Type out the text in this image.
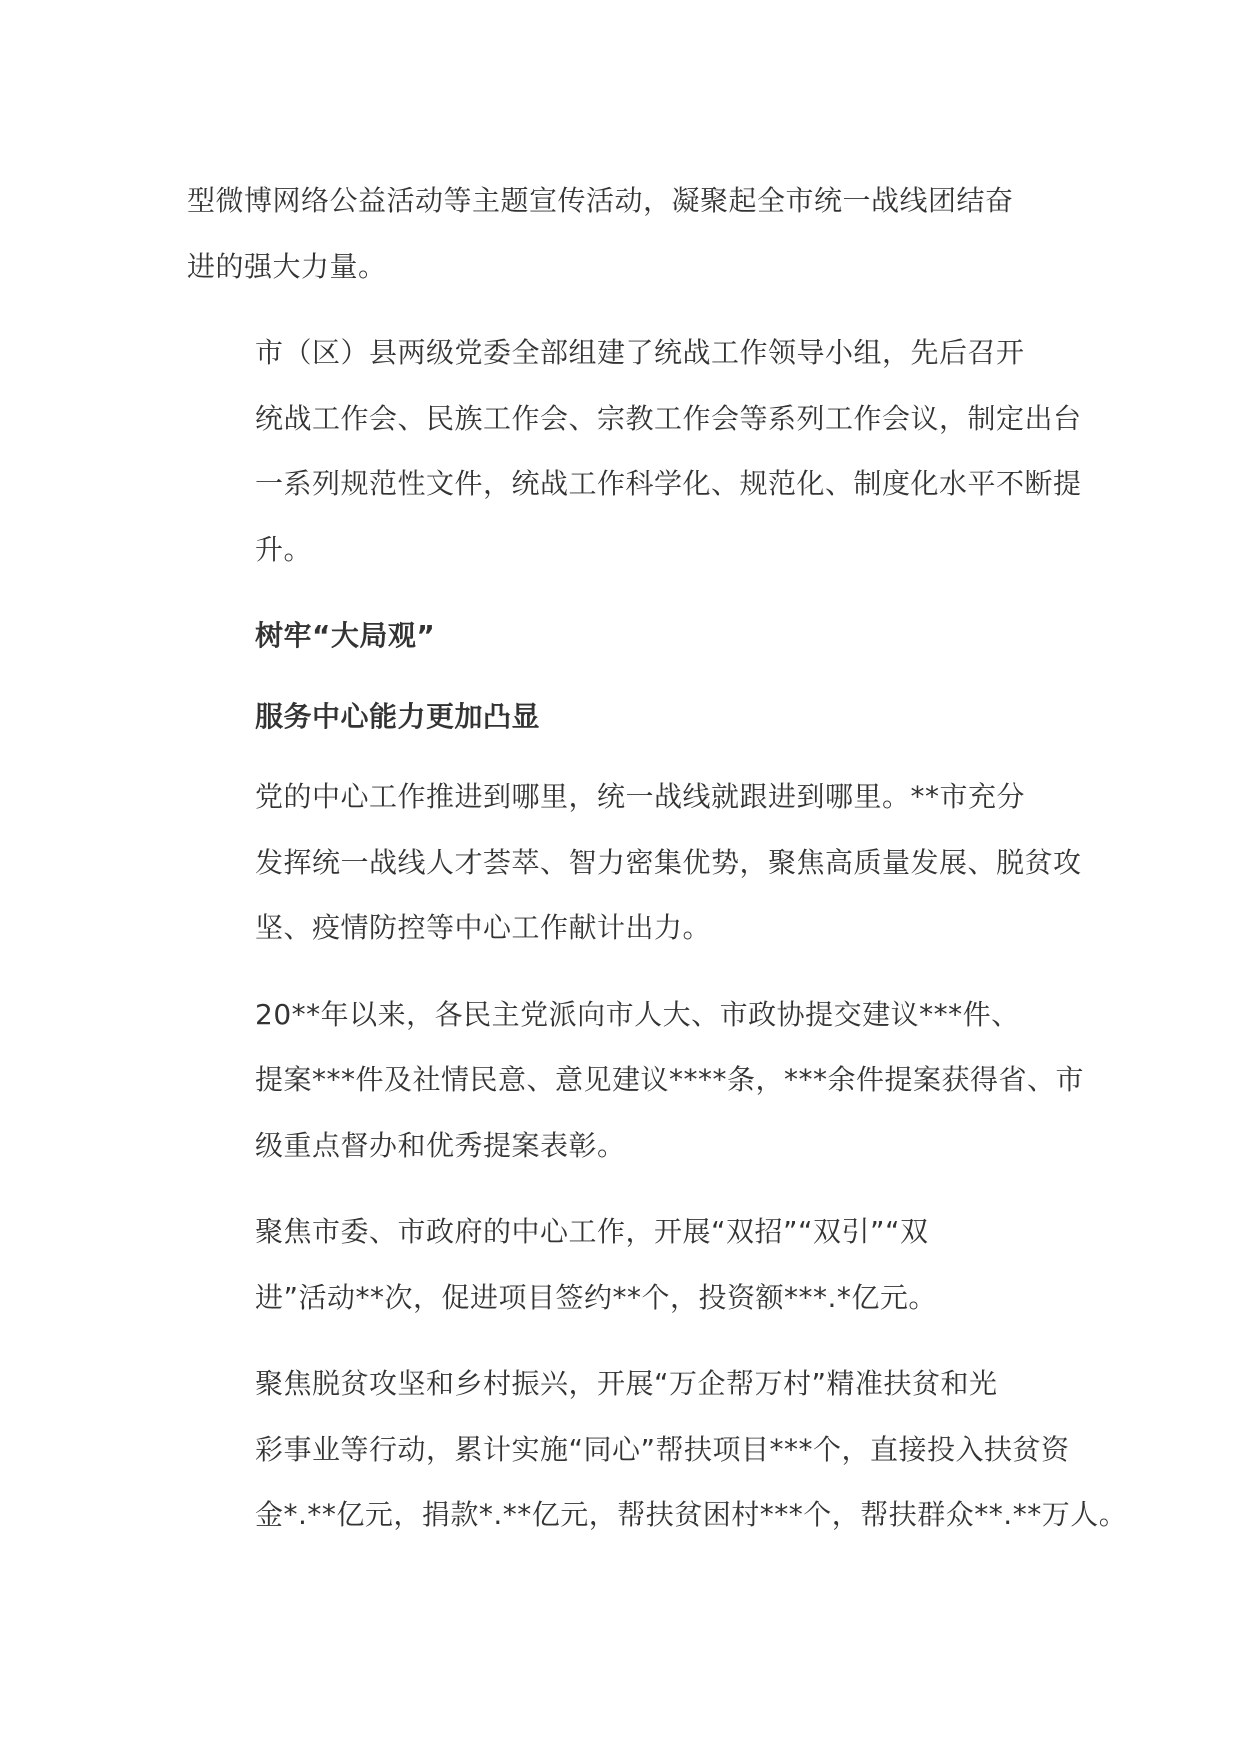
型微博网络公益活动等主题宣传活动，凝聚起全市统一战线团结奋
进的强大力量。
市（区）县两级党委全部组建了统战工作领导小组，先后召开
统战工作会、民族工作会、宗教工作会等系列工作会议，制定出台
一系列规范性文件，统战工作科学化、规范化、制度化水平不断提
升。
树牢“大局观”
服务中心能力更加凸显
党的中心工作推进到哪里，统一战线就跟进到哪里。**市充分
发挥统一战线人才荟萃、智力密集优势，聚焦高质量发展、脱贫攻
坚、疫情防控等中心工作献计出力。
20**年以来，各民主党派向市人大、市政协提交建议***件、
提案***件及社情民意、意见建议****条，***余件提案获得省、市
级重点督办和优秀提案表彰。
聚焦市委、市政府的中心工作，开展“双招”“双引”“双
进”活动**次，促进项目签约**个，投资额***.*亿元。
聚焦脱贫攻坚和乡村振兴，开展“万企帮万村”精准扶贫和光
彩事业等行动，累计实施“同心”帮扶项目***个，直接投入扶贫资
金*.**亿元，捐款*.**亿元，帮扶贫困村***个，帮扶群众**.**万人。
